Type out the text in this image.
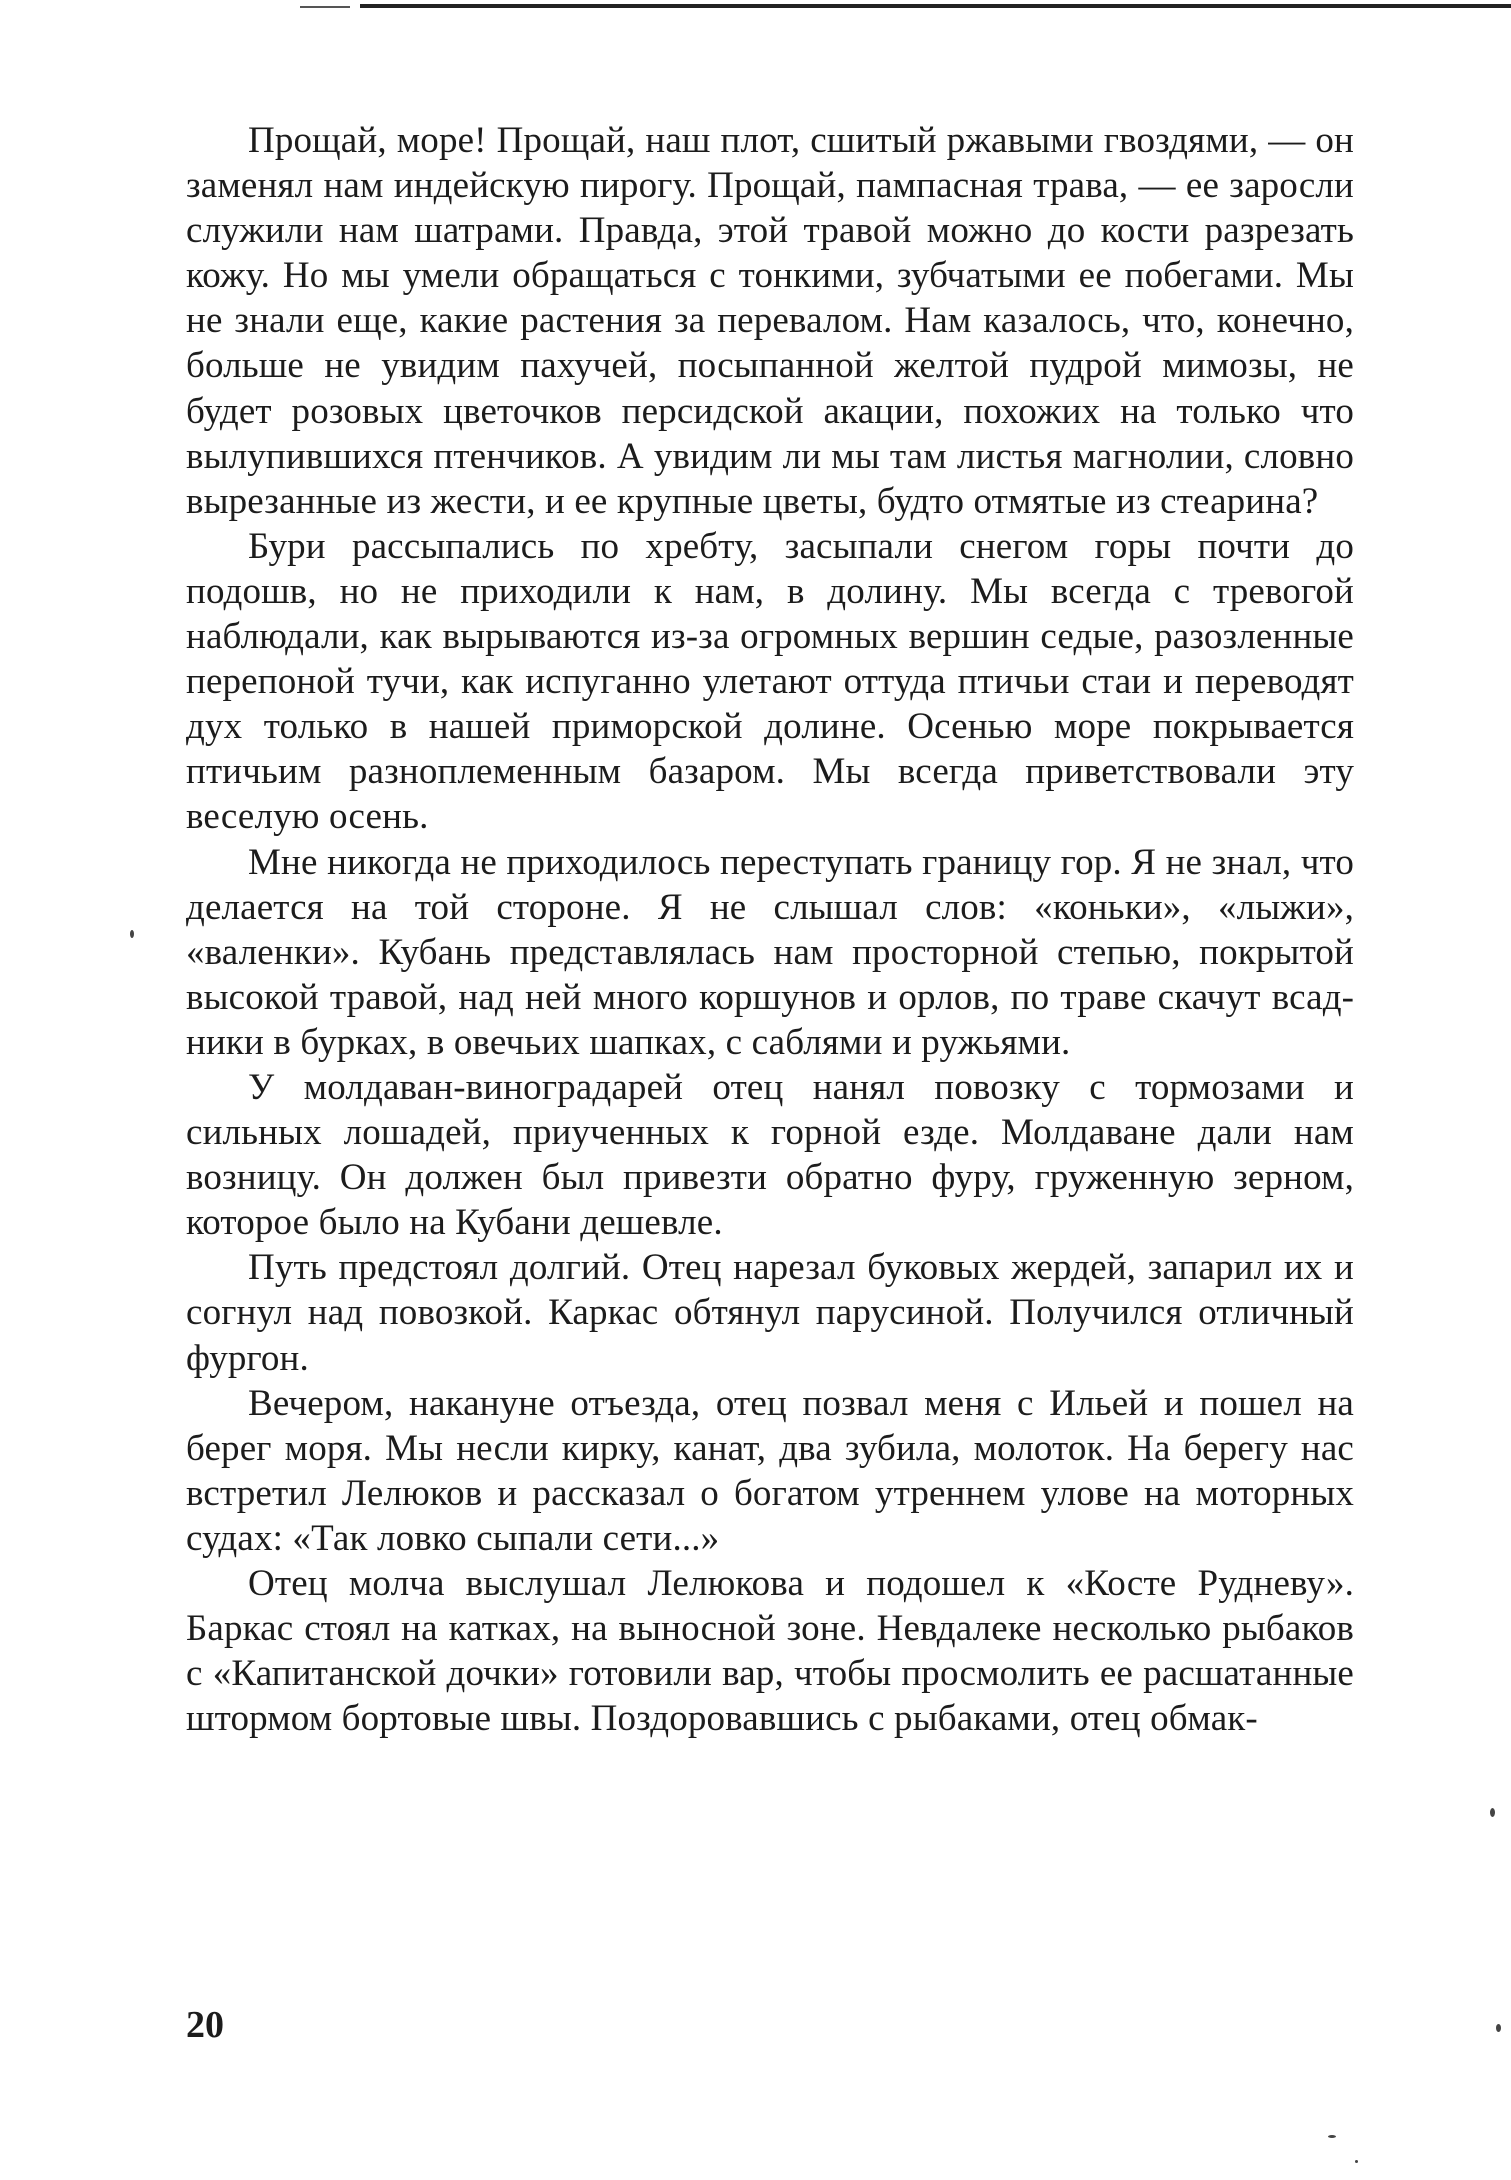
Прощай, море! Прощай, наш плот, сшитый ржавыми гвоздями, — он заменял нам индейскую пирогу. Прощай, пампасная трава, — ее заросли служили нам шатрами. Правда, этой травой можно до кости разрезать кожу. Но мы умели обращаться с тонкими, зубчатыми ее побегами. Мы не знали еще, какие растения за перевалом. Нам казалось, что, конечно, больше не увидим пахучей, посыпанной желтой пудрой мимозы, не будет розовых цветочков персидской акации, похожих на только что вылупившихся птенчиков. А увидим ли мы там листья магнолии, словно вырезанные из жести, и ее крупные цветы, будто отмятые из стеарина?

Бури рассыпались по хребту, засыпали снегом горы почти до подошв, но не приходили к нам, в долину. Мы всегда с тревогой наблюдали, как вырываются из-за огромных вершин седые, разозленные перепоной тучи, как испуганно улетают оттуда птичьи стаи и переводят дух только в нашей приморской долине. Осенью море покрывается птичьим разноплеменным базаром. Мы всегда приветствовали эту веселую осень.

Мне никогда не приходилось переступать границу гор. Я не знал, что делается на той стороне. Я не слышал слов: «коньки», «лыжи», «валенки». Кубань представлялась нам просторной степью, покрытой высокой травой, над ней много коршунов и орлов, по траве скачут всадники в бурках, в овечьих шапках, с саблями и ружьями.

У молдаван-виноградарей отец нанял повозку с тормозами и сильных лошадей, приученных к горной езде. Молдаване дали нам возницу. Он должен был привезти обратно фуру, груженную зерном, которое было на Кубани дешевле.

Путь предстоял долгий. Отец нарезал буковых жердей, запарил их и согнул над повозкой. Каркас обтянул парусиной. Получился отличный фургон.

Вечером, накануне отъезда, отец позвал меня с Ильей и пошел на берег моря. Мы несли кирку, канат, два зубила, молоток. На берегу нас встретил Лелюков и рассказал о богатом утреннем улове на моторных судах: «Так ловко сыпали сети...»

Отец молча выслушал Лелюкова и подошел к «Косте Рудневу». Баркас стоял на катках, на выносной зоне. Невдалеке несколько рыбаков с «Капитанской дочки» готовили вар, чтобы просмолить ее расшатанные штормом бортовые швы. Поздоровавшись с рыбаками, отец обмак-

20
